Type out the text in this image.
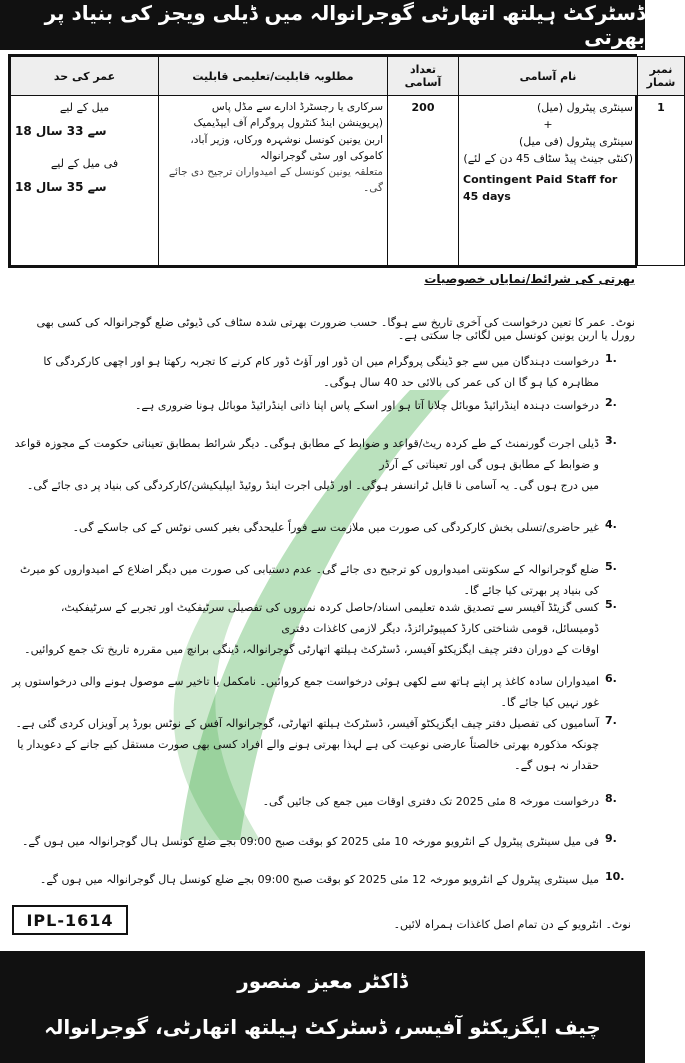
ڈسٹرکٹ ہیلتھ اتھارٹی گوجرانوالہ میں ڈیلی ویجز کی بنیاد پر بھرتی
نمبر شمار	نام آسامی	تعداد آسامی	مطلوبہ قابلیت/تعلیمی قابلیت	عمر کی حد
1	سینٹری پیٹرول (میل)
+
سینٹری پیٹرول (فی میل)
(کنٹی جینٹ پیڈ سٹاف 45 دن کے لئے)
Contingent Paid Staff for 45 days	200	سرکاری یا رجسٹرڈ ادارے سے مڈل پاس
(پریوینشن اینڈ کنٹرول پروگرام آف ایپڈیمیک
اربن یونین کونسل نوشہرہ ورکاں، وزیر آباد، کاموکی اور سٹی گوجرانوالہ
متعلقہ یونین کونسل کے امیدواران ترجیح دی جائے گی۔	میل کے لیے
18 سے 33 سال
فی میل کے لیے
18 سے 35 سال
بھرتی کی شرائط/نمایاں خصوصیات
نوٹ۔ عمر کا تعین درخواست کی آخری تاریخ سے ہوگا۔ حسب ضرورت بھرتی شدہ سٹاف کی ڈیوٹی ضلع گوجرانوالہ کی کسی بھی رورل یا اربن یونین کونسل میں لگائی جا سکتی ہے۔
1.
درخواست دہندگان میں سے جو ڈینگی پروگرام میں ان ڈور اور آؤٹ ڈور کام کرنے کا تجربہ رکھتا ہو اور اچھی کارکردگی کا مظاہرہ کیا ہو گا ان کی عمر کی بالائی حد 40 سال ہوگی۔
2.
درخواست دہندہ اینڈرائیڈ موبائل چلانا آتا ہو اور اسکے پاس اپنا ذاتی اینڈرائیڈ موبائل ہونا ضروری ہے۔
3.
ڈیلی اجرت گورنمنٹ کے طے کردہ ریٹ/قواعد و ضوابط کے مطابق ہوگی۔ دیگر شرائط بمطابق تعیناتی حکومت کے مجوزہ قواعد و ضوابط کے مطابق ہوں گی اور تعیناتی کے آرڈر
میں درج ہوں گی۔ یہ آسامی نا قابل ٹرانسفر ہوگی۔ اور ڈیلی اجرت اینڈ روئیڈ ایپلیکیشن/کارکردگی کی بنیاد پر دی جائے گی۔
4.
غیر حاضری/تسلی بخش کارکردگی کی صورت میں ملازمت سے فوراً علیحدگی بغیر کسی نوٹس کے کی جاسکے گی۔
5.
ضلع گوجرانوالہ کے سکونتی امیدواروں کو ترجیح دی جائے گی۔ عدم دستیابی کی صورت میں دیگر اضلاع کے امیدواروں کو میرٹ کی بنیاد پر بھرتی کیا جائے گا۔
5.
کسی گزیٹڈ آفیسر سے تصدیق شدہ تعلیمی اسناد/حاصل کردہ نمبروں کی تفصیلی سرٹیفکیٹ اور تجربے کے سرٹیفکیٹ، ڈومیسائل، قومی شناختی کارڈ کمپیوٹرائزڈ، دیگر لازمی کاغذات دفتری
اوقات کے دوران دفتر چیف ایگزیکٹو آفیسر، ڈسٹرکٹ ہیلتھ اتھارٹی گوجرانوالہ، ڈینگی برانچ میں مقررہ تاریخ تک جمع کروائیں۔
6.
امیدواران سادہ کاغذ پر اپنے ہاتھ سے لکھی ہوئی درخواست جمع کروائیں۔ نامکمل یا تاخیر سے موصول ہونے والی درخواستوں پر غور نہیں کیا جائے گا۔
7.
آسامیوں کی تفصیل دفتر چیف ایگزیکٹو آفیسر، ڈسٹرکٹ ہیلتھ اتھارٹی، گوجرانوالہ آفس کے نوٹس بورڈ پر آویزاں کردی گئی ہے۔
چونکہ مذکورہ بھرتی خالصتاً عارضی نوعیت کی ہے لہذا بھرتی ہونے والے افراد کسی بھی صورت مستقل کیے جانے کے دعویدار یا حقدار نہ ہوں گے۔
8.
درخواست مورخہ 8 مئی 2025 تک دفتری اوقات میں جمع کی جائیں گی۔
9.
فی میل سینٹری پیٹرول کے انٹرویو مورخہ 10 مئی 2025 کو بوقت صبح 09:00 بجے ضلع کونسل ہال گوجرانوالہ میں ہوں گے۔
10.
میل سینٹری پیٹرول کے انٹرویو مورخہ 12 مئی 2025 کو بوقت صبح 09:00 بجے ضلع کونسل ہال گوجرانوالہ میں ہوں گے۔
IPL-1614	نوٹ۔ انٹرویو کے دن تمام اصل کاغذات ہمراہ لائیں۔
ڈاکٹر معیز منصور
چیف ایگزیکٹو آفیسر، ڈسٹرکٹ ہیلتھ اتھارٹی، گوجرانوالہ
